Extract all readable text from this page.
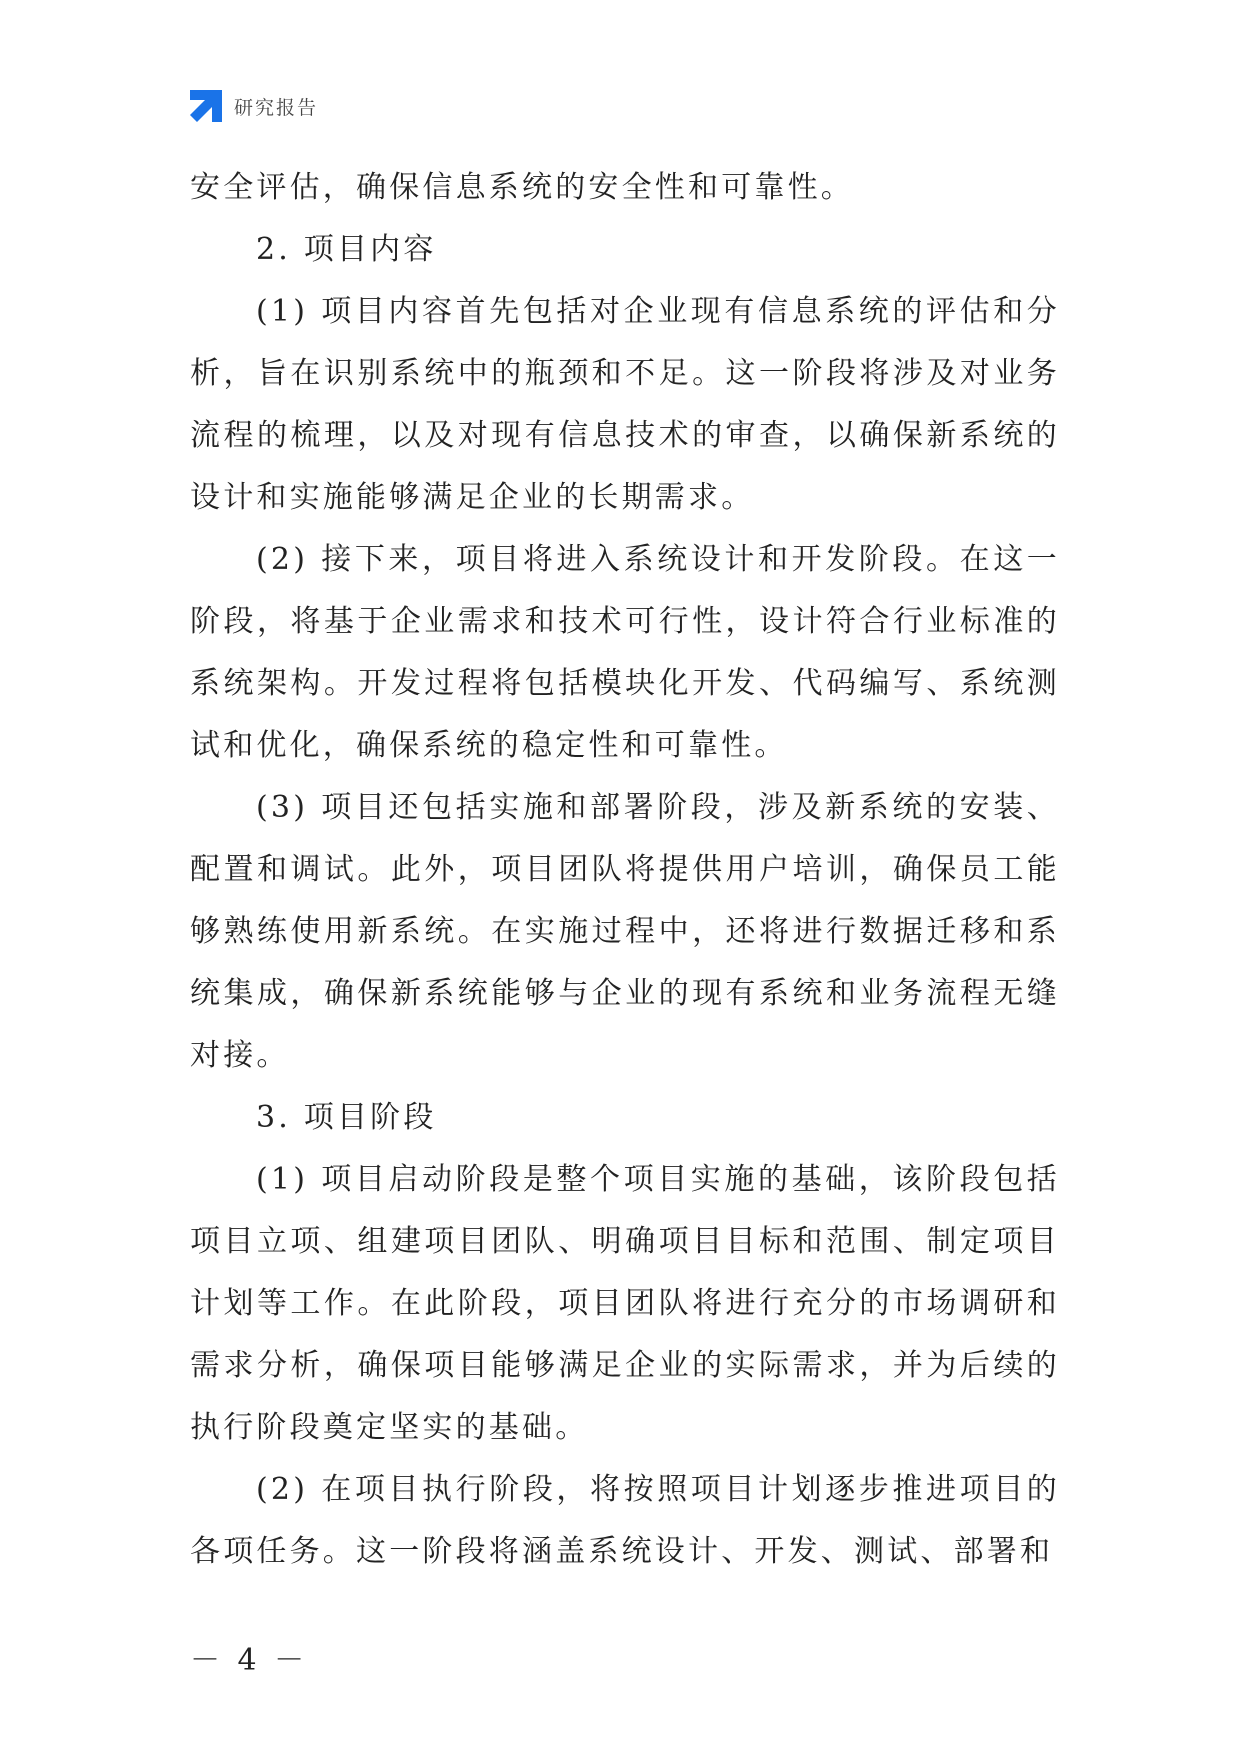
研究报告

安全评估，确保信息系统的安全性和可靠性。

2. 项目内容

(1) 项目内容首先包括对企业现有信息系统的评估和分析，旨在识别系统中的瓶颈和不足。这一阶段将涉及对业务流程的梳理，以及对现有信息技术的审查，以确保新系统的设计和实施能够满足企业的长期需求。

(2) 接下来，项目将进入系统设计和开发阶段。在这一阶段，将基于企业需求和技术可行性，设计符合行业标准的系统架构。开发过程将包括模块化开发、代码编写、系统测试和优化，确保系统的稳定性和可靠性。

(3) 项目还包括实施和部署阶段，涉及新系统的安装、配置和调试。此外，项目团队将提供用户培训，确保员工能够熟练使用新系统。在实施过程中，还将进行数据迁移和系统集成，确保新系统能够与企业的现有系统和业务流程无缝对接。

3. 项目阶段

(1) 项目启动阶段是整个项目实施的基础，该阶段包括项目立项、组建项目团队、明确项目目标和范围、制定项目计划等工作。在此阶段，项目团队将进行充分的市场调研和需求分析，确保项目能够满足企业的实际需求，并为后续的执行阶段奠定坚实的基础。

(2) 在项目执行阶段，将按照项目计划逐步推进项目的各项任务。这一阶段将涵盖系统设计、开发、测试、部署和

－ 4 －
